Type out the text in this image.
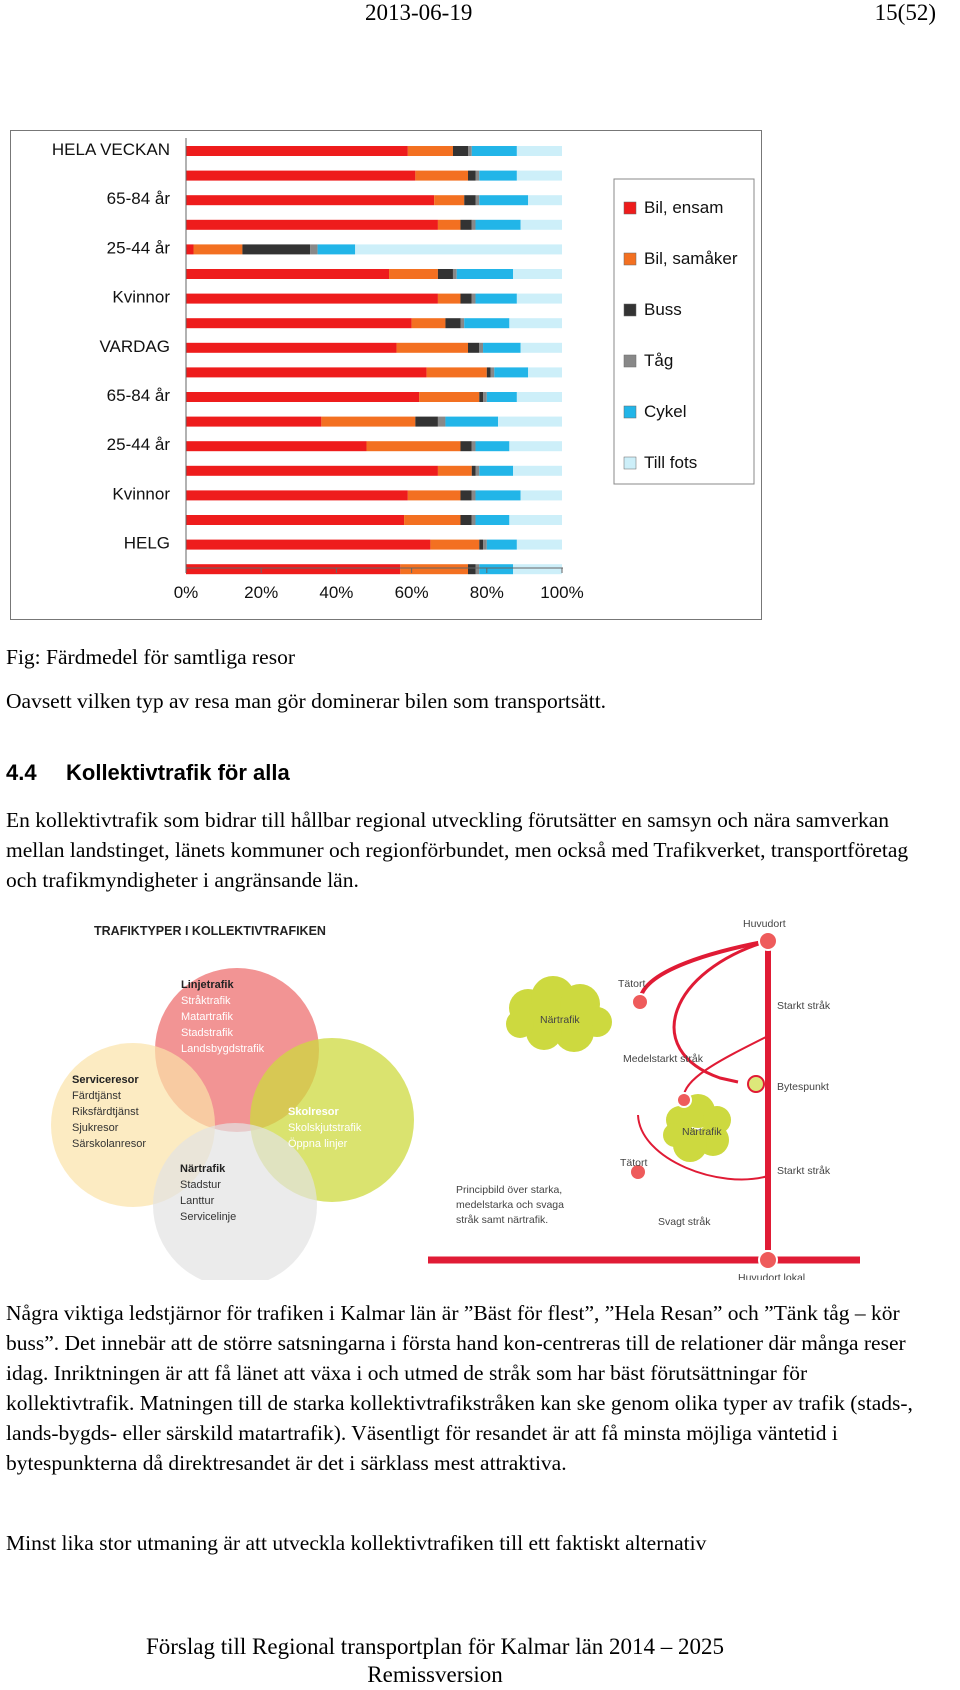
2013-06-19	15(52)
HELA VECKAN
65-84 år
25-44 år
Kvinnor
VARDAG
65-84 år
25-44 år
Kvinnor
HELG
0%	20% 40% 60% 80% 100%
Bil, ensam
Bil, samåker
Buss
Tåg
Cykel
Till fots
Fig: Färdmedel för samtliga resor
Oavsett vilken typ av resa man gör dominerar bilen som transportsätt.
4.4 Kollektivtrafik för alla
En kollektivtrafik som bidrar till hållbar regional utveckling förutsätter en samsyn och nära samverkan mellan landstinget, länets kommuner och regionförbundet, men också med Trafikverket, transportföretag och trafikmyndigheter i angränsande län.
TRAFIKTYPER I KOLLEKTIVTRAFIKEN
Linjetrafik
Stråktrafik
Matartrafik
Stadstrafik
Landsbygdstrafik
Serviceresor
Färdtjänst
Riksfärdtjänst
Sjukresor
Särskolanresor
Skolresor
Skolskjutstrafik
Öppna linjer
Närtrafik
Stadstur
Lanttur
Servicelinje
Huvudort
Tätort
Närtrafik
Starkt stråk
Medelstarkt stråk
Bytespunkt
Närtrafik
Tätort
Starkt stråk
Svagt stråk
Huvudort lokal
Principbild över starka,
medelstarka och svaga
stråk samt närtrafik.
Några viktiga ledstjärnor för trafiken i Kalmar län är ”Bäst för flest”, ”Hela Resan” och ”Tänk tåg – kör buss”. Det innebär att de större satsningarna i första hand kon-centreras till de relationer där många reser idag. Inriktningen är att få länet att växa i och utmed de stråk som har bäst förutsättningar för kollektivtrafik. Matningen till de starka kollektivtrafikstråken kan ske genom olika typer av trafik (stads-, lands-bygds- eller särskild matartrafik). Väsentligt för resandet är att få minsta möjliga väntetid i bytespunkterna då direktresandet är det i särklass mest attraktiva.
Minst lika stor utmaning är att utveckla kollektivtrafiken till ett faktiskt alternativ
Förslag till Regional transportplan för Kalmar län 2014 – 2025
Remissversion
